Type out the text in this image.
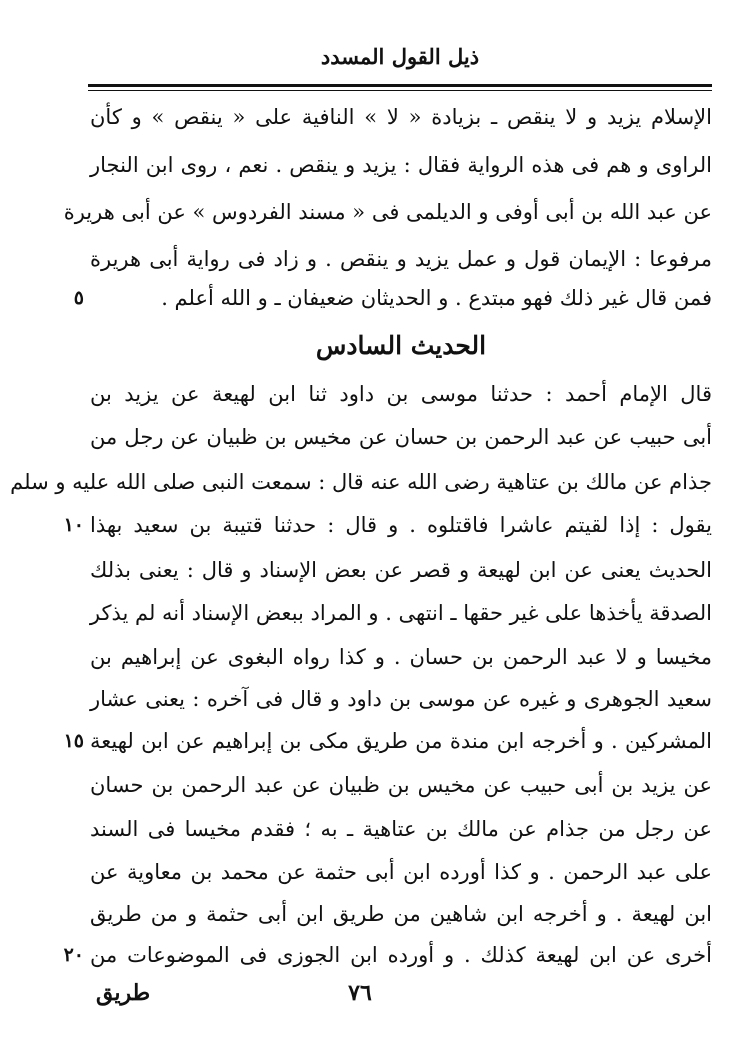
ذيل القول المسدد
الإسلام يزيد و لا ينقص ـ بزيادة « لا » النافية على « ينقص » و كأن
الراوى و هم فى هذه الرواية فقال : يزيد و ينقص . نعم ، روى ابن النجار
عن عبد الله بن أبى أوفى و الديلمى فى « مسند الفردوس » عن أبى هريرة
مرفوعا : الإيمان قول و عمل يزيد و ينقص . و زاد فى رواية أبى هريرة
فمن قال غير ذلك فهو مبتدع . و الحديثان ضعيفان ـ و الله أعلم .
٥
الحديث السادس
قال الإمام أحمد : حدثنا موسى بن داود ثنا ابن لهيعة عن يزيد بن
أبى حبيب عن عبد الرحمن بن حسان عن مخيس بن ظبيان عن رجل من
جذام عن مالك بن عتاهية رضى الله عنه قال : سمعت النبى صلى الله عليه و سلم
يقول : إذا لقيتم عاشرا فاقتلوه . و قال : حدثنا قتيبة بن سعيد بهذا
١٠
الحديث يعنى عن ابن لهيعة و قصر عن بعض الإسناد و قال : يعنى بذلك
الصدقة يأخذها على غير حقها ـ انتهى . و المراد ببعض الإسناد أنه لم يذكر
مخيسا و لا عبد الرحمن بن حسان . و كذا رواه البغوى عن إبراهيم بن
سعيد الجوهرى و غيره عن موسى بن داود و قال فى آخره : يعنى عشار
المشركين . و أخرجه ابن مندة من طريق مكى بن إبراهيم عن ابن لهيعة
١٥
عن يزيد بن أبى حبيب عن مخيس بن ظبيان عن عبد الرحمن بن حسان
عن رجل من جذام عن مالك بن عتاهية ـ به ؛ فقدم مخيسا فى السند
على عبد الرحمن . و كذا أورده ابن أبى حثمة عن محمد بن معاوية عن
ابن لهيعة . و أخرجه ابن شاهين من طريق ابن أبى حثمة و من طريق
أخرى عن ابن لهيعة كذلك . و أورده ابن الجوزى فى الموضوعات من
٢٠
٧٦
طريق
